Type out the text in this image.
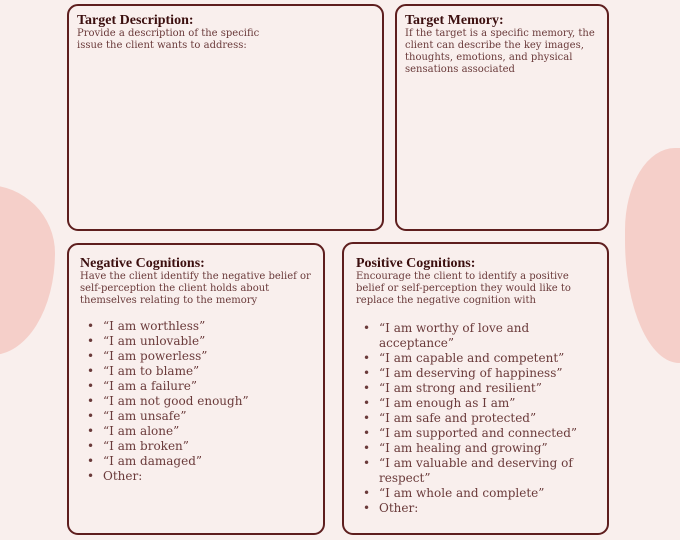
Target Description:
Provide a description of the specific issue the client wants to address:
Target Memory:
If the target is a specific memory, the client can describe the key images, thoughts, emotions, and physical sensations associated
Negative Cognitions:
Have the client identify the negative belief or self-perception the client holds about themselves relating to the memory
• “I am worthless”
• “I am unlovable”
• “I am powerless”
• “I am to blame”
• “I am a failure”
• “I am not good enough”
• “I am unsafe”
• “I am alone”
• “I am broken”
• “I am damaged”
• Other:
Positive Cognitions:
Encourage the client to identify a positive belief or self-perception they would like to replace the negative cognition with
• “I am worthy of love and acceptance”
• “I am capable and competent”
• “I am deserving of happiness”
• “I am strong and resilient”
• “I am enough as I am”
• “I am safe and protected”
• “I am supported and connected”
• “I am healing and growing”
• “I am valuable and deserving of respect”
• “I am whole and complete”
• Other:
